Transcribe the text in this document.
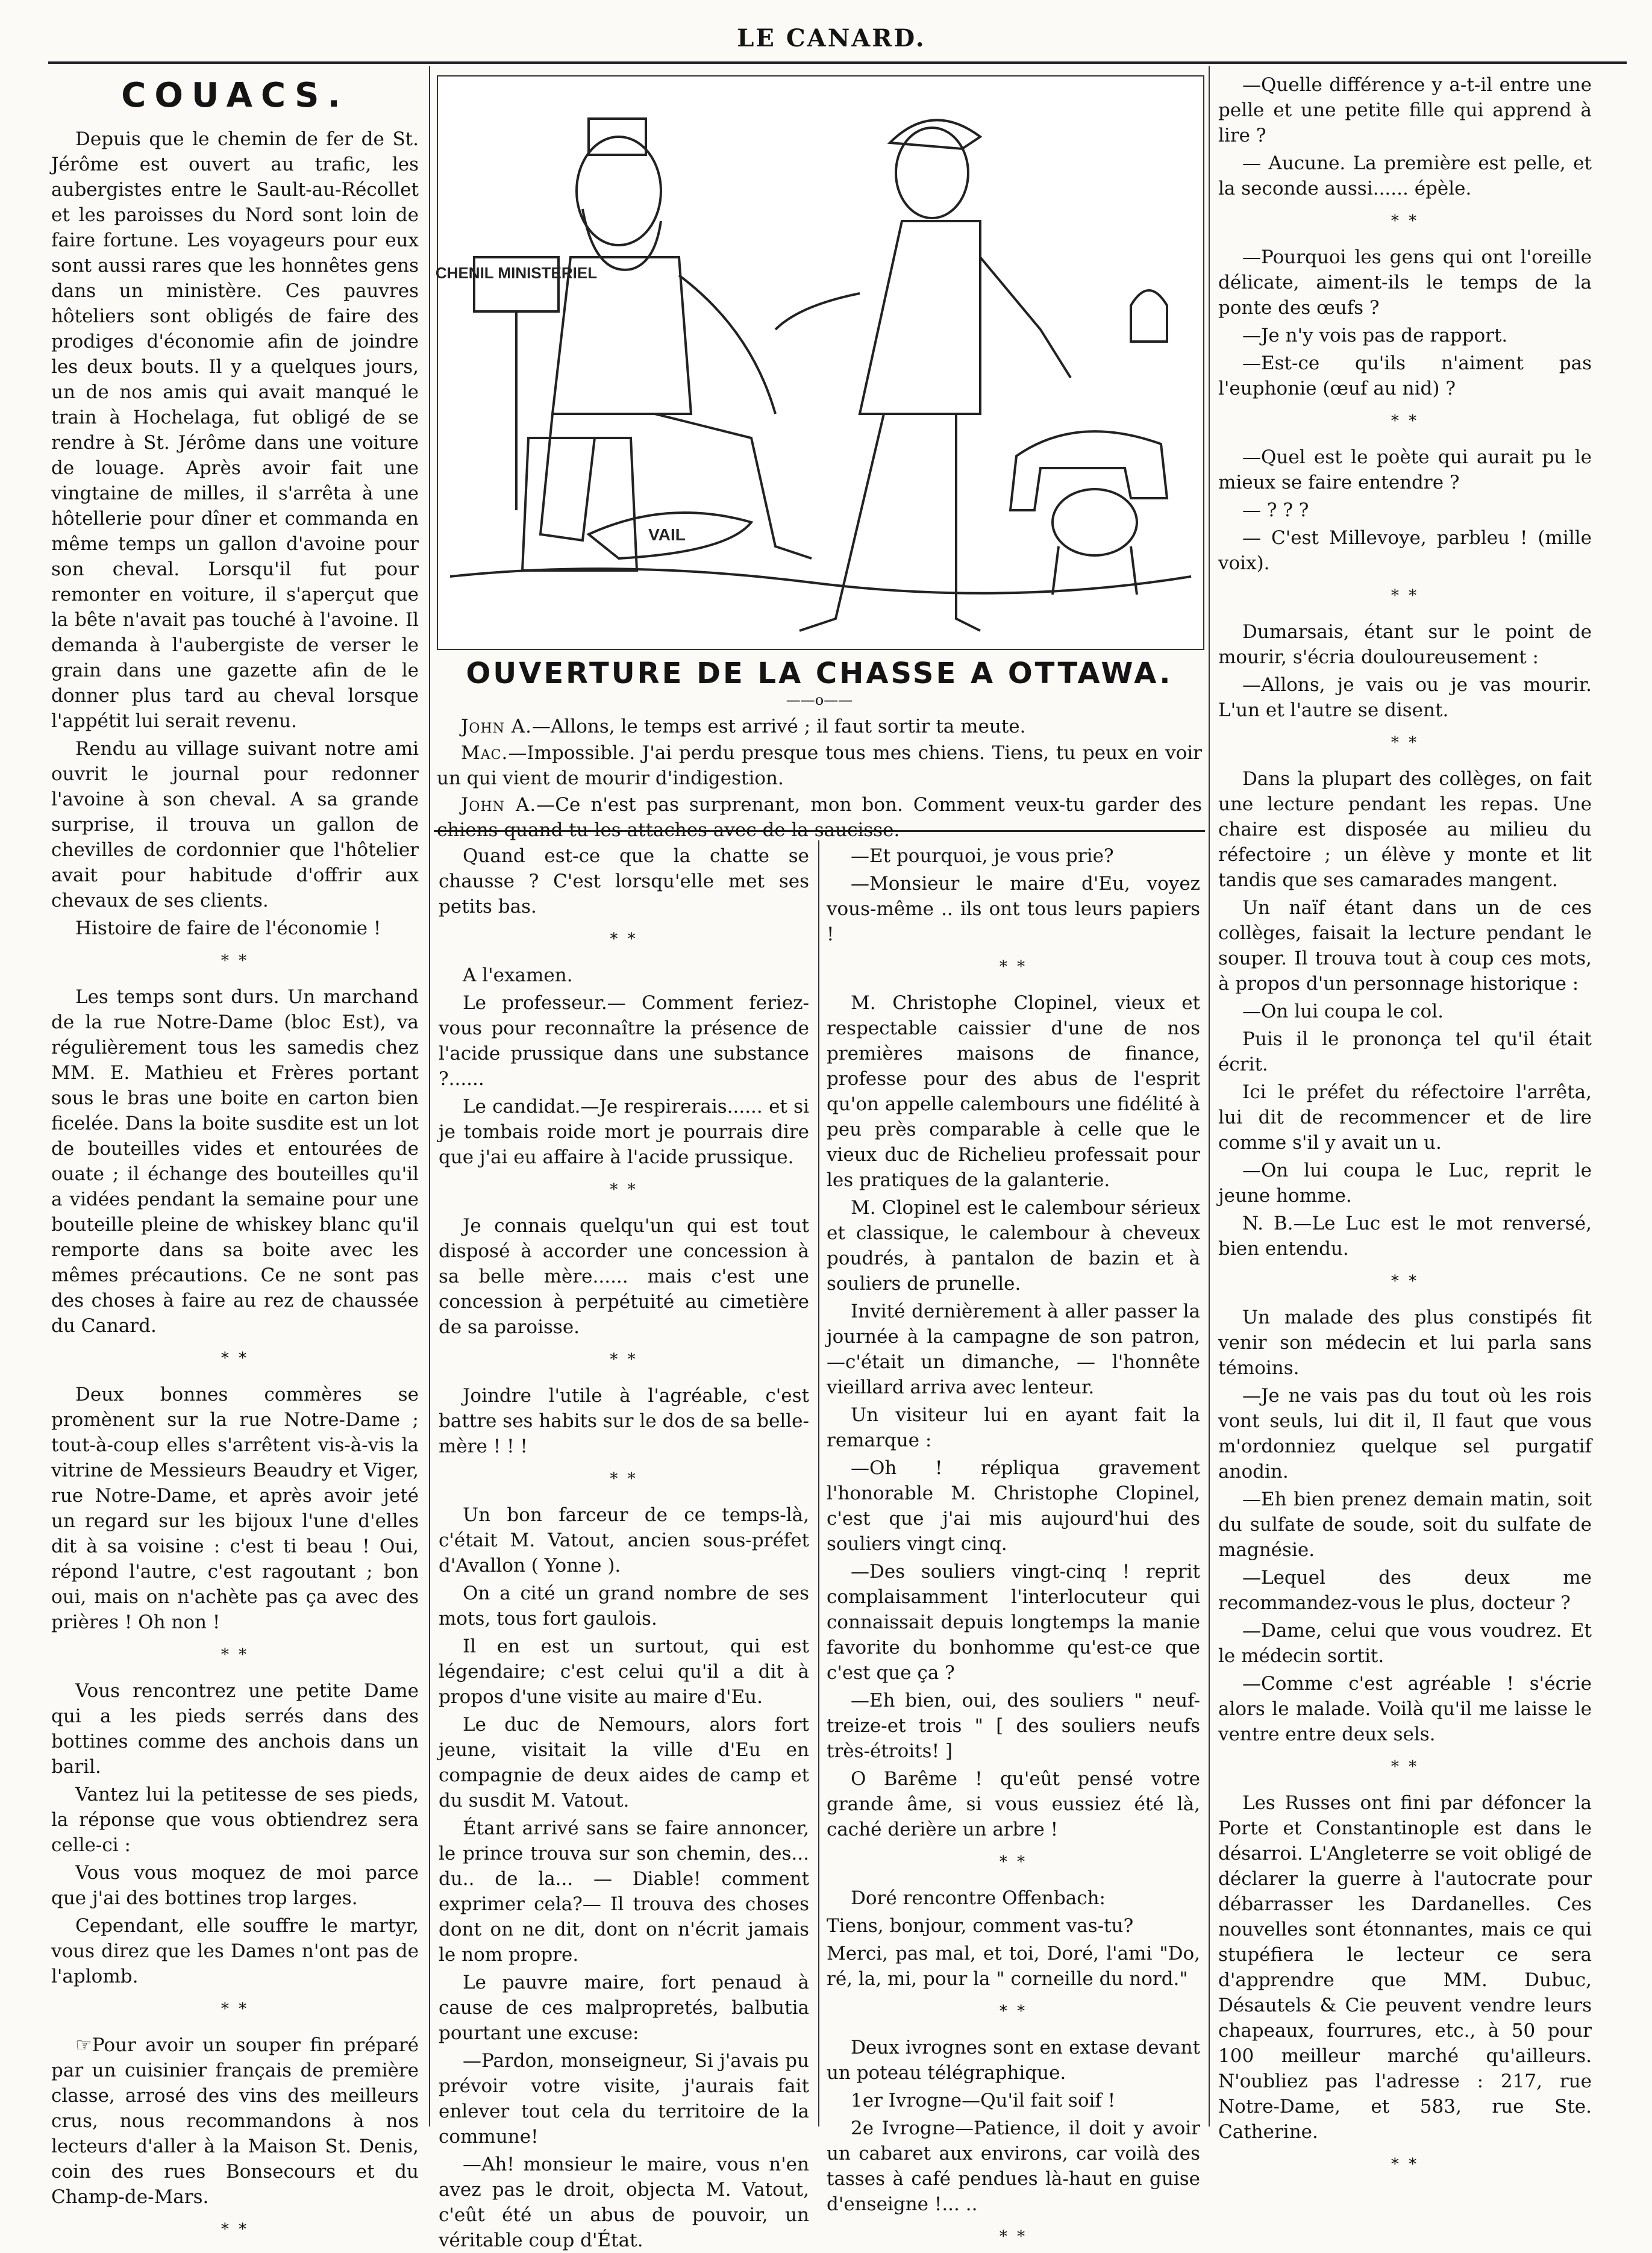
LE CANARD.
COUACS.

Depuis que le chemin de fer de St. Jérôme est ouvert au trafic, les aubergistes entre le Sault-au-Récollet et les paroisses du Nord sont loin de faire fortune. Les voyageurs pour eux sont aussi rares que les honnêtes gens dans un ministère. Ces pauvres hôteliers sont obligés de faire des prodiges d'économie afin de joindre les deux bouts. Il y a quelques jours, un de nos amis qui avait manqué le train à Hochelaga, fut obligé de se rendre à St. Jérôme dans une voiture de louage. Après avoir fait une vingtaine de milles, il s'arrêta à une hôtellerie pour dîner et commanda en même temps un gallon d'avoine pour son cheval. Lorsqu'il fut pour remonter en voiture, il s'aperçut que la bête n'avait pas touché à l'avoine. Il demanda à l'aubergiste de verser le grain dans une gazette afin de le donner plus tard au cheval lorsque l'appétit lui serait revenu.

Rendu au village suivant notre ami ouvrit le journal pour redonner l'avoine à son cheval. A sa grande surprise, il trouva un gallon de chevilles de cordonnier que l'hôtelier avait pour habitude d'offrir aux chevaux de ses clients.

Histoire de faire de l'économie !

* *

Les temps sont durs. Un marchand de la rue Notre-Dame (bloc Est), va régulièrement tous les samedis chez MM. E. Mathieu et Frères portant sous le bras une boite en carton bien ficelée. Dans la boite susdite est un lot de bouteilles vides et entourées de ouate ; il échange des bouteilles qu'il a vidées pendant la semaine pour une bouteille pleine de whiskey blanc qu'il remporte dans sa boite avec les mêmes précautions. Ce ne sont pas des choses à faire au rez de chaussée du Canard.

* *

Deux bonnes commères se promènent sur la rue Notre-Dame ; tout-à-coup elles s'arrêtent vis-à-vis la vitrine de Messieurs Beaudry et Viger, rue Notre-Dame, et après avoir jeté un regard sur les bijoux l'une d'elles dit à sa voisine : c'est ti beau ! Oui, répond l'autre, c'est ragoutant ; bon oui, mais on n'achète pas ça avec des prières ! Oh non !

* *

Vous rencontrez une petite Dame qui a les pieds serrés dans des bottines comme des anchois dans un baril.

Vantez lui la petitesse de ses pieds, la réponse que vous obtiendrez sera celle-ci :

Vous vous moquez de moi parce que j'ai des bottines trop larges.

Cependant, elle souffre le martyr, vous direz que les Dames n'ont pas de l'aplomb.

* *

☞Pour avoir un souper fin préparé par un cuisinier français de première classe, arrosé des vins des meilleurs crus, nous recommandons à nos lecteurs d'aller à la Maison St. Denis, coin des rues Bonsecours et du Champ-de-Mars.

* *
CHENIL MINISTERIEL
VAIL
OUVERTURE DE LA CHASSE A OTTAWA.
——o——

John A.—Allons, le temps est arrivé ; il faut sortir ta meute.

Mac.—Impossible. J'ai perdu presque tous mes chiens. Tiens, tu peux en voir un qui vient de mourir d'indigestion.

John A.—Ce n'est pas surprenant, mon bon. Comment veux-tu garder des chiens quand tu les attaches avec de la saucisse.

Quand est-ce que la chatte se chausse ? C'est lorsqu'elle met ses petits bas.

* *

A l'examen.

Le professeur.— Comment feriez-vous pour reconnaître la présence de l'acide prussique dans une substance ?......

Le candidat.—Je respirerais...... et si je tombais roide mort je pourrais dire que j'ai eu affaire à l'acide prussique.

* *

Je connais quelqu'un qui est tout disposé à accorder une concession à sa belle mère...... mais c'est une concession à perpétuité au cimetière de sa paroisse.

* *

Joindre l'utile à l'agréable, c'est battre ses habits sur le dos de sa belle-mère ! ! !

* *

Un bon farceur de ce temps-là, c'était M. Vatout, ancien sous-préfet d'Avallon ( Yonne ).

On a cité un grand nombre de ses mots, tous fort gaulois.

Il en est un surtout, qui est légendaire; c'est celui qu'il a dit à propos d'une visite au maire d'Eu.

Le duc de Nemours, alors fort jeune, visitait la ville d'Eu en compagnie de deux aides de camp et du susdit M. Vatout.

Étant arrivé sans se faire annoncer, le prince trouva sur son chemin, des... du.. de la... — Diable! comment exprimer cela?— Il trouva des choses dont on ne dit, dont on n'écrit jamais le nom propre.

Le pauvre maire, fort penaud à cause de ces malpropretés, balbutia pourtant une excuse:

—Pardon, monseigneur, Si j'avais pu prévoir votre visite, j'aurais fait enlever tout cela du territoire de la commune!

—Ah! monsieur le maire, vous n'en avez pas le droit, objecta M. Vatout, c'eût été un abus de pouvoir, un véritable coup d'État.

—Et pourquoi, je vous prie?

—Monsieur le maire d'Eu, voyez vous-même .. ils ont tous leurs papiers !

* *

M. Christophe Clopinel, vieux et respectable caissier d'une de nos premières maisons de finance, professe pour des abus de l'esprit qu'on appelle calembours une fidélité à peu près comparable à celle que le vieux duc de Richelieu professait pour les pratiques de la galanterie.

M. Clopinel est le calembour sérieux et classique, le calembour à cheveux poudrés, à pantalon de bazin et à souliers de prunelle.

Invité dernièrement à aller passer la journée à la campagne de son patron,—c'était un dimanche, — l'honnête vieillard arriva avec lenteur.

Un visiteur lui en ayant fait la remarque :

—Oh ! répliqua gravement l'honorable M. Christophe Clopinel, c'est que j'ai mis aujourd'hui des souliers vingt cinq.

—Des souliers vingt-cinq ! reprit complaisamment l'interlocuteur qui connaissait depuis longtemps la manie favorite du bonhomme qu'est-ce que c'est que ça ?

—Eh bien, oui, des souliers " neuf-treize-et trois " [ des souliers neufs très-étroits! ]

O Barême ! qu'eût pensé votre grande âme, si vous eussiez été là, caché derière un arbre !

* *

Doré rencontre Offenbach:

Tiens, bonjour, comment vas-tu?

Merci, pas mal, et toi, Doré, l'ami "Do, ré, la, mi, pour la " corneille du nord."

* *

Deux ivrognes sont en extase devant un poteau télégraphique.

1er Ivrogne—Qu'il fait soif !

2e Ivrogne—Patience, il doit y avoir un cabaret aux environs, car voilà des tasses à café pendues là-haut en guise d'enseigne !... ..

* *

—Quelle différence y a-t-il entre une pelle et une petite fille qui apprend à lire ?

— Aucune. La première est pelle, et la seconde aussi...... épèle.

* *

—Pourquoi les gens qui ont l'oreille délicate, aiment-ils le temps de la ponte des œufs ?

—Je n'y vois pas de rapport.

—Est-ce qu'ils n'aiment pas l'euphonie (œuf au nid) ?

* *

—Quel est le poète qui aurait pu le mieux se faire entendre ?

— ? ? ?

— C'est Millevoye, parbleu ! (mille voix).

* *

Dumarsais, étant sur le point de mourir, s'écria douloureusement :

—Allons, je vais ou je vas mourir. L'un et l'autre se disent.

* *

Dans la plupart des collèges, on fait une lecture pendant les repas. Une chaire est disposée au milieu du réfectoire ; un élève y monte et lit tandis que ses camarades mangent.

Un naïf étant dans un de ces collèges, faisait la lecture pendant le souper. Il trouva tout à coup ces mots, à propos d'un personnage historique :

—On lui coupa le col.

Puis il le prononça tel qu'il était écrit.

Ici le préfet du réfectoire l'arrêta, lui dit de recommencer et de lire comme s'il y avait un u.

—On lui coupa le Luc, reprit le jeune homme.

N. B.—Le Luc est le mot renversé, bien entendu.

* *

Un malade des plus constipés fit venir son médecin et lui parla sans témoins.

—Je ne vais pas du tout où les rois vont seuls, lui dit il, Il faut que vous m'ordonniez quelque sel purgatif anodin.

—Eh bien prenez demain matin, soit du sulfate de soude, soit du sulfate de magnésie.

—Lequel des deux me recommandez-vous le plus, docteur ?

—Dame, celui que vous voudrez. Et le médecin sortit.

—Comme c'est agréable ! s'écrie alors le malade. Voilà qu'il me laisse le ventre entre deux sels.

* *

Les Russes ont fini par défoncer la Porte et Constantinople est dans le désarroi. L'Angleterre se voit obligé de déclarer la guerre à l'autocrate pour débarrasser les Dardanelles. Ces nouvelles sont étonnantes, mais ce qui stupéfiera le lecteur ce sera d'apprendre que MM. Dubuc, Désautels & Cie peuvent vendre leurs chapeaux, fourrures, etc., à 50 pour 100 meilleur marché qu'ailleurs. N'oubliez pas l'adresse : 217, rue Notre-Dame, et 583, rue Ste. Catherine.

* *
